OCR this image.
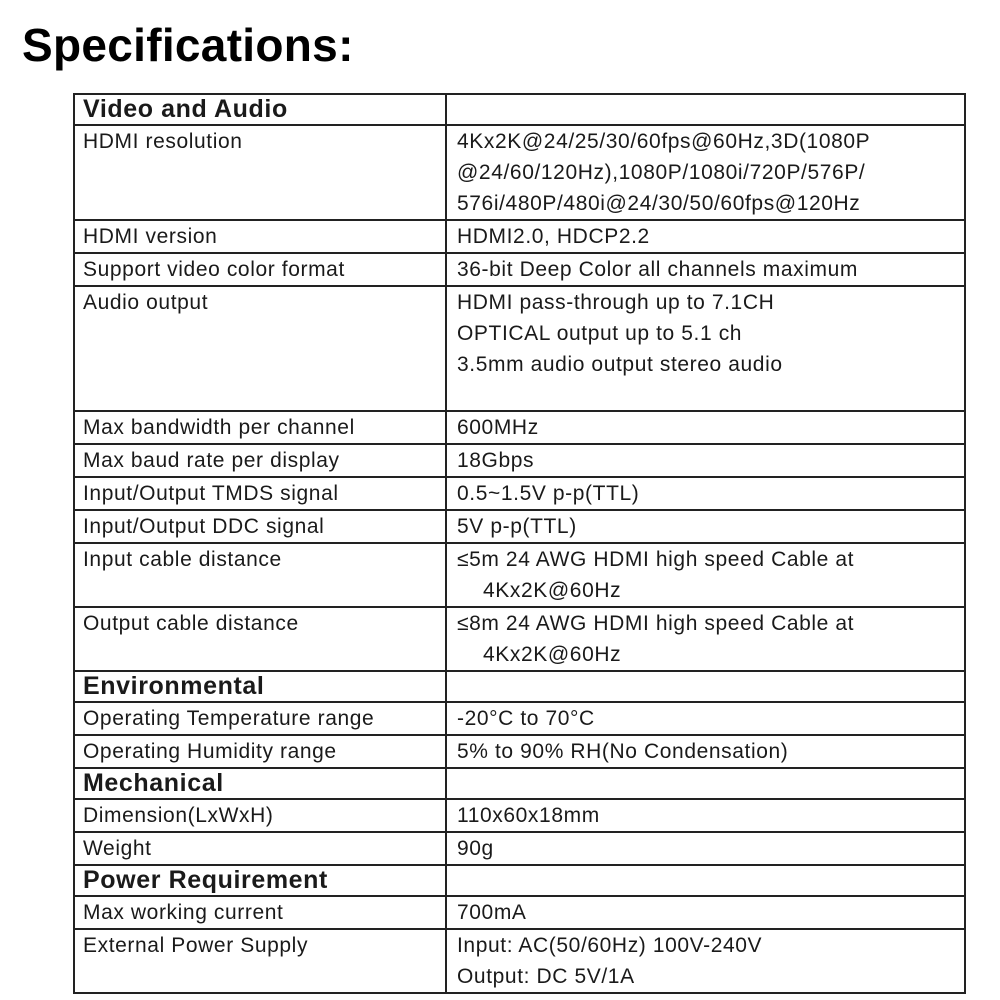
Specifications:
Video and Audio	
HDMI resolution	4Kx2K@24/25/30/60fps@60Hz,3D(1080P
@24/60/120Hz),1080P/1080i/720P/576P/
576i/480P/480i@24/30/50/60fps@120Hz

HDMI version	HDMI2.0, HDCP2.2

Support video color format	36-bit Deep Color all channels maximum

Audio output	HDMI pass-through up to 7.1CH
OPTICAL output up to 5.1 ch
3.5mm audio output stereo audio

Max bandwidth per channel	600MHz

Max baud rate per display	18Gbps

Input/Output TMDS signal	0.5~1.5V p-p(TTL)

Input/Output DDC signal	5V p-p(TTL)

Input cable distance	≤5m 24 AWG HDMI high speed Cable at
4Kx2K@60Hz

Output cable distance	≤8m 24 AWG HDMI high speed Cable at
4Kx2K@60Hz

Environmental	
Operating Temperature range	-20°C to 70°C

Operating Humidity range	5% to 90% RH(No Condensation)

Mechanical	
Dimension(LxWxH)	110x60x18mm

Weight	90g

Power Requirement	
Max working current	700mA

External Power Supply	Input: AC(50/60Hz) 100V-240V
Output: DC 5V/1A
